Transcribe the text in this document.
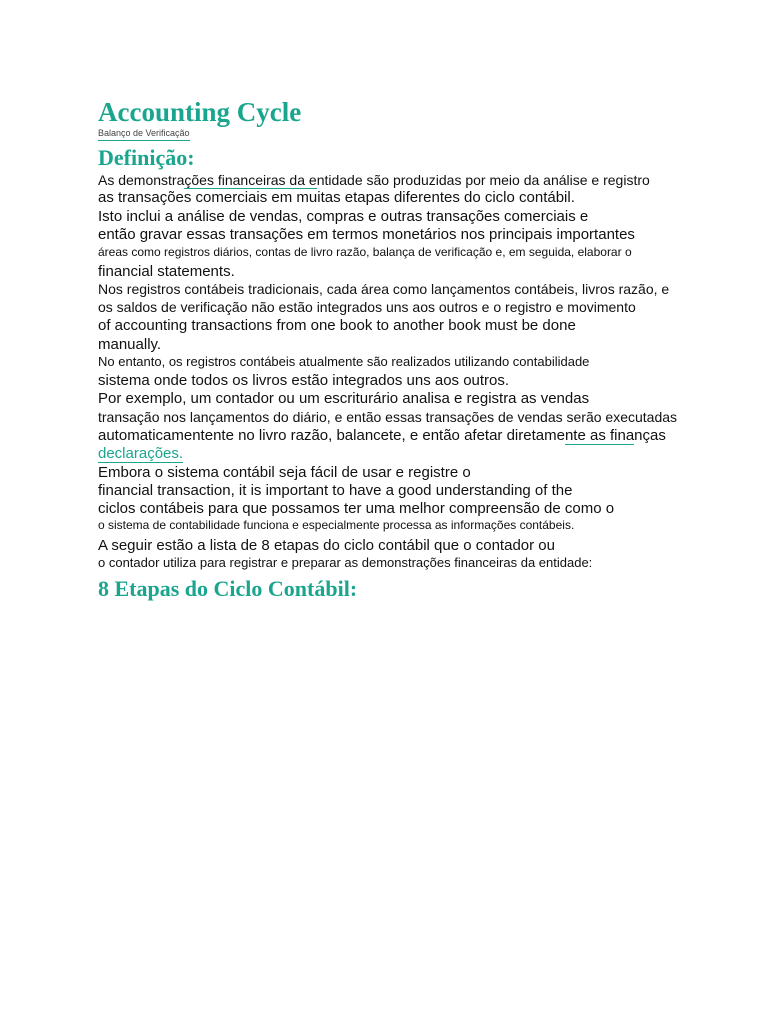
Accounting Cycle
Balanço de Verificação
Definição:
As demonstrações financeiras da entidade são produzidas por meio da análise e registro
as transações comerciais em muitas etapas diferentes do ciclo contábil.
Isto inclui a análise de vendas, compras e outras transações comerciais e
então gravar essas transações em termos monetários nos principais importantes
áreas como registros diários, contas de livro razão, balança de verificação e, em seguida, elaborar o
financial statements.
Nos registros contábeis tradicionais, cada área como lançamentos contábeis, livros razão, e
os saldos de verificação não estão integrados uns aos outros e o registro e movimento
of accounting transactions from one book to another book must be done
manually.
No entanto, os registros contábeis atualmente são realizados utilizando contabilidade
sistema onde todos os livros estão integrados uns aos outros.
Por exemplo, um contador ou um escriturário analisa e registra as vendas
transação nos lançamentos do diário, e então essas transações de vendas serão executadas
automaticamentente no livro razão, balancete, e então afetar diretamente as finanças
declarações.
Embora o sistema contábil seja fácil de usar e registre o
financial transaction, it is important to have a good understanding of the
ciclos contábeis para que possamos ter uma melhor compreensão de como o
o sistema de contabilidade funciona e especialmente processa as informações contábeis.
A seguir estão a lista de 8 etapas do ciclo contábil que o contador ou
o contador utiliza para registrar e preparar as demonstrações financeiras da entidade:
8 Etapas do Ciclo Contábil:
